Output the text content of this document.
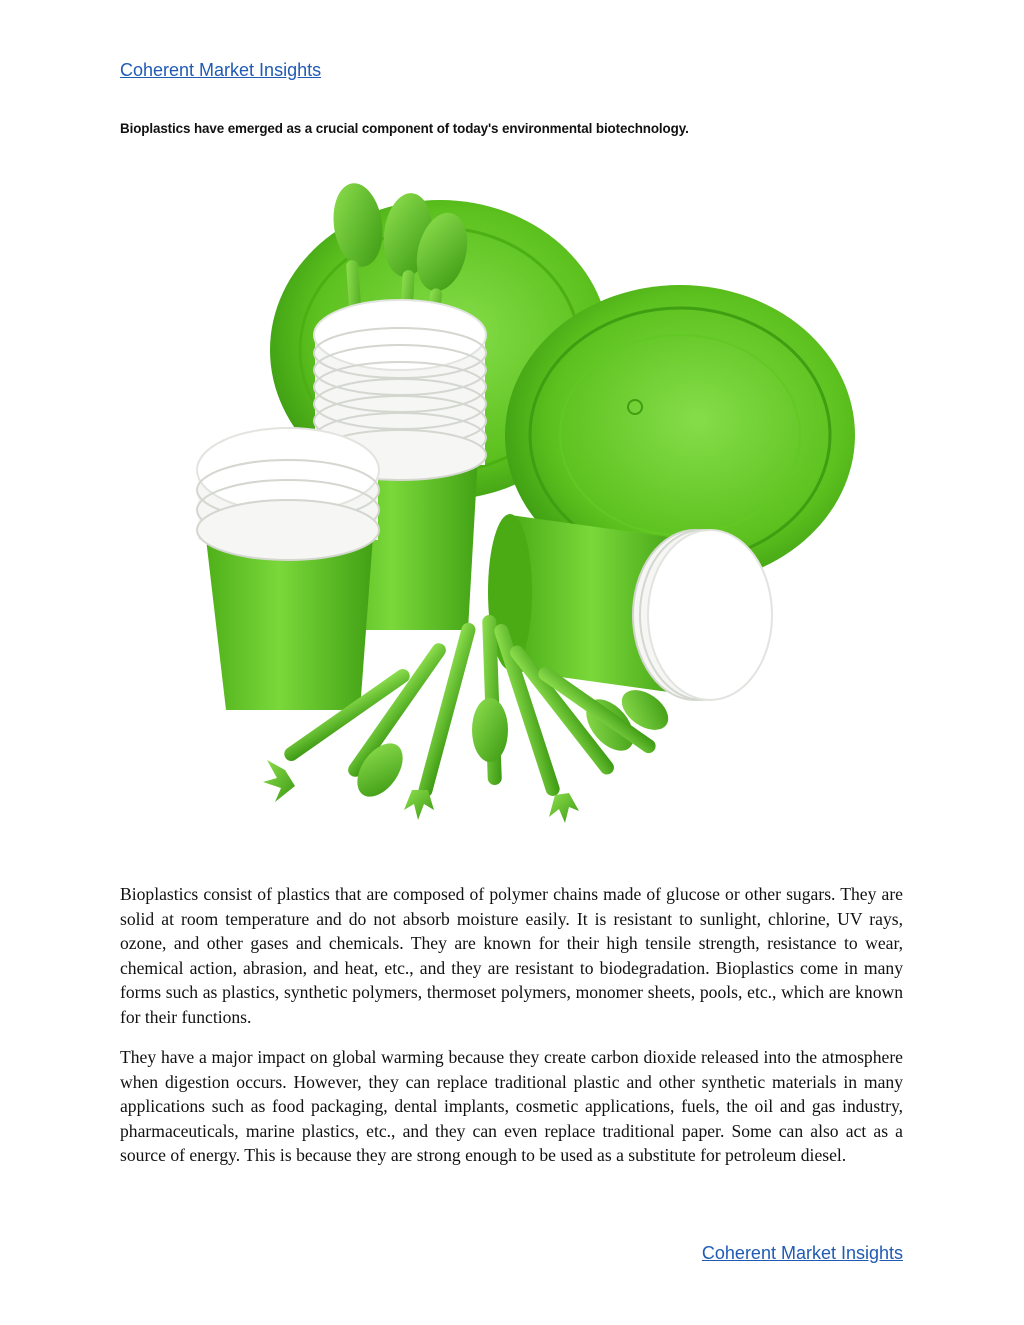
Coherent Market Insights
Bioplastics have emerged as a crucial component of today's environmental biotechnology.

Bioplastics consist of plastics that are composed of polymer chains made of glucose or other sugars. They are solid at room temperature and do not absorb moisture easily. It is resistant to sunlight, chlorine, UV rays, ozone, and other gases and chemicals. They are known for their high tensile strength, resistance to wear, chemical action, abrasion, and heat, etc., and they are resistant to biodegradation. Bioplastics come in many forms such as plastics, synthetic polymers, thermoset polymers, monomer sheets, pools, etc., which are known for their functions.

They have a major impact on global warming because they create carbon dioxide released into the atmosphere when digestion occurs. However, they can replace traditional plastic and other synthetic materials in many applications such as food packaging, dental implants, cosmetic applications, fuels, the oil and gas industry, pharmaceuticals, marine plastics, etc., and they can even replace traditional paper. Some can also act as a source of energy. This is because they are strong enough to be used as a substitute for petroleum diesel.

Coherent Market Insights
